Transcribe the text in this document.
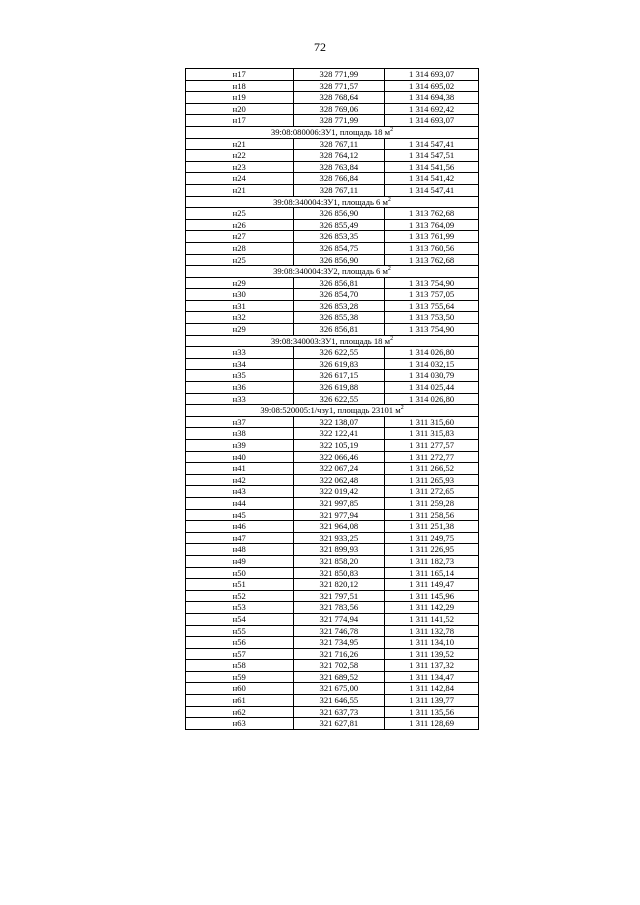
72
н17	328 771,99	1 314 693,07
н18	328 771,57	1 314 695,02
н19	328 768,64	1 314 694,38
н20	328 769,06	1 314 692,42
н17	328 771,99	1 314 693,07
39:08:080006:ЗУ1, площадь 18 $м^2$
н21	328 767,11	1 314 547,41
н22	328 764,12	1 314 547,51
н23	328 763,84	1 314 541,56
н24	328 766,84	1 314 541,42
н21	328 767,11	1 314 547,41
39:08:340004:ЗУ1, площадь 6 $м^2$
н25	326 856,90	1 313 762,68
н26	326 855,49	1 313 764,09
н27	326 853,35	1 313 761,99
н28	326 854,75	1 313 760,56
н25	326 856,90	1 313 762,68
39:08:340004:ЗУ2, площадь 6 $м^2$
н29	326 856,81	1 313 754,90
н30	326 854,70	1 313 757,05
н31	326 853,28	1 313 755,64
н32	326 855,38	1 313 753,50
н29	326 856,81	1 313 754,90
39:08:340003:ЗУ1, площадь 18 $м^2$
н33	326 622,55	1 314 026,80
н34	326 619,83	1 314 032,15
н35	326 617,15	1 314 030,79
н36	326 619,88	1 314 025,44
н33	326 622,55	1 314 026,80
39:08:520005:1/чзу1, площадь 23101 $м^2$
н37	322 138,07	1 311 315,60
н38	322 122,41	1 311 315,83
н39	322 105,19	1 311 277,57
н40	322 066,46	1 311 272,77
н41	322 067,24	1 311 266,52
н42	322 062,48	1 311 265,93
н43	322 019,42	1 311 272,65
н44	321 997,85	1 311 259,28
н45	321 977,94	1 311 258,56
н46	321 964,08	1 311 251,38
н47	321 933,25	1 311 249,75
н48	321 899,93	1 311 226,95
н49	321 858,20	1 311 182,73
н50	321 850,83	1 311 165,14
н51	321 820,12	1 311 149,47
н52	321 797,51	1 311 145,96
н53	321 783,56	1 311 142,29
н54	321 774,94	1 311 141,52
н55	321 746,78	1 311 132,78
н56	321 734,95	1 311 134,10
н57	321 716,26	1 311 139,52
н58	321 702,58	1 311 137,32
н59	321 689,52	1 311 134,47
н60	321 675,00	1 311 142,84
н61	321 646,55	1 311 139,77
н62	321 637,73	1 311 135,56
н63	321 627,81	1 311 128,69
